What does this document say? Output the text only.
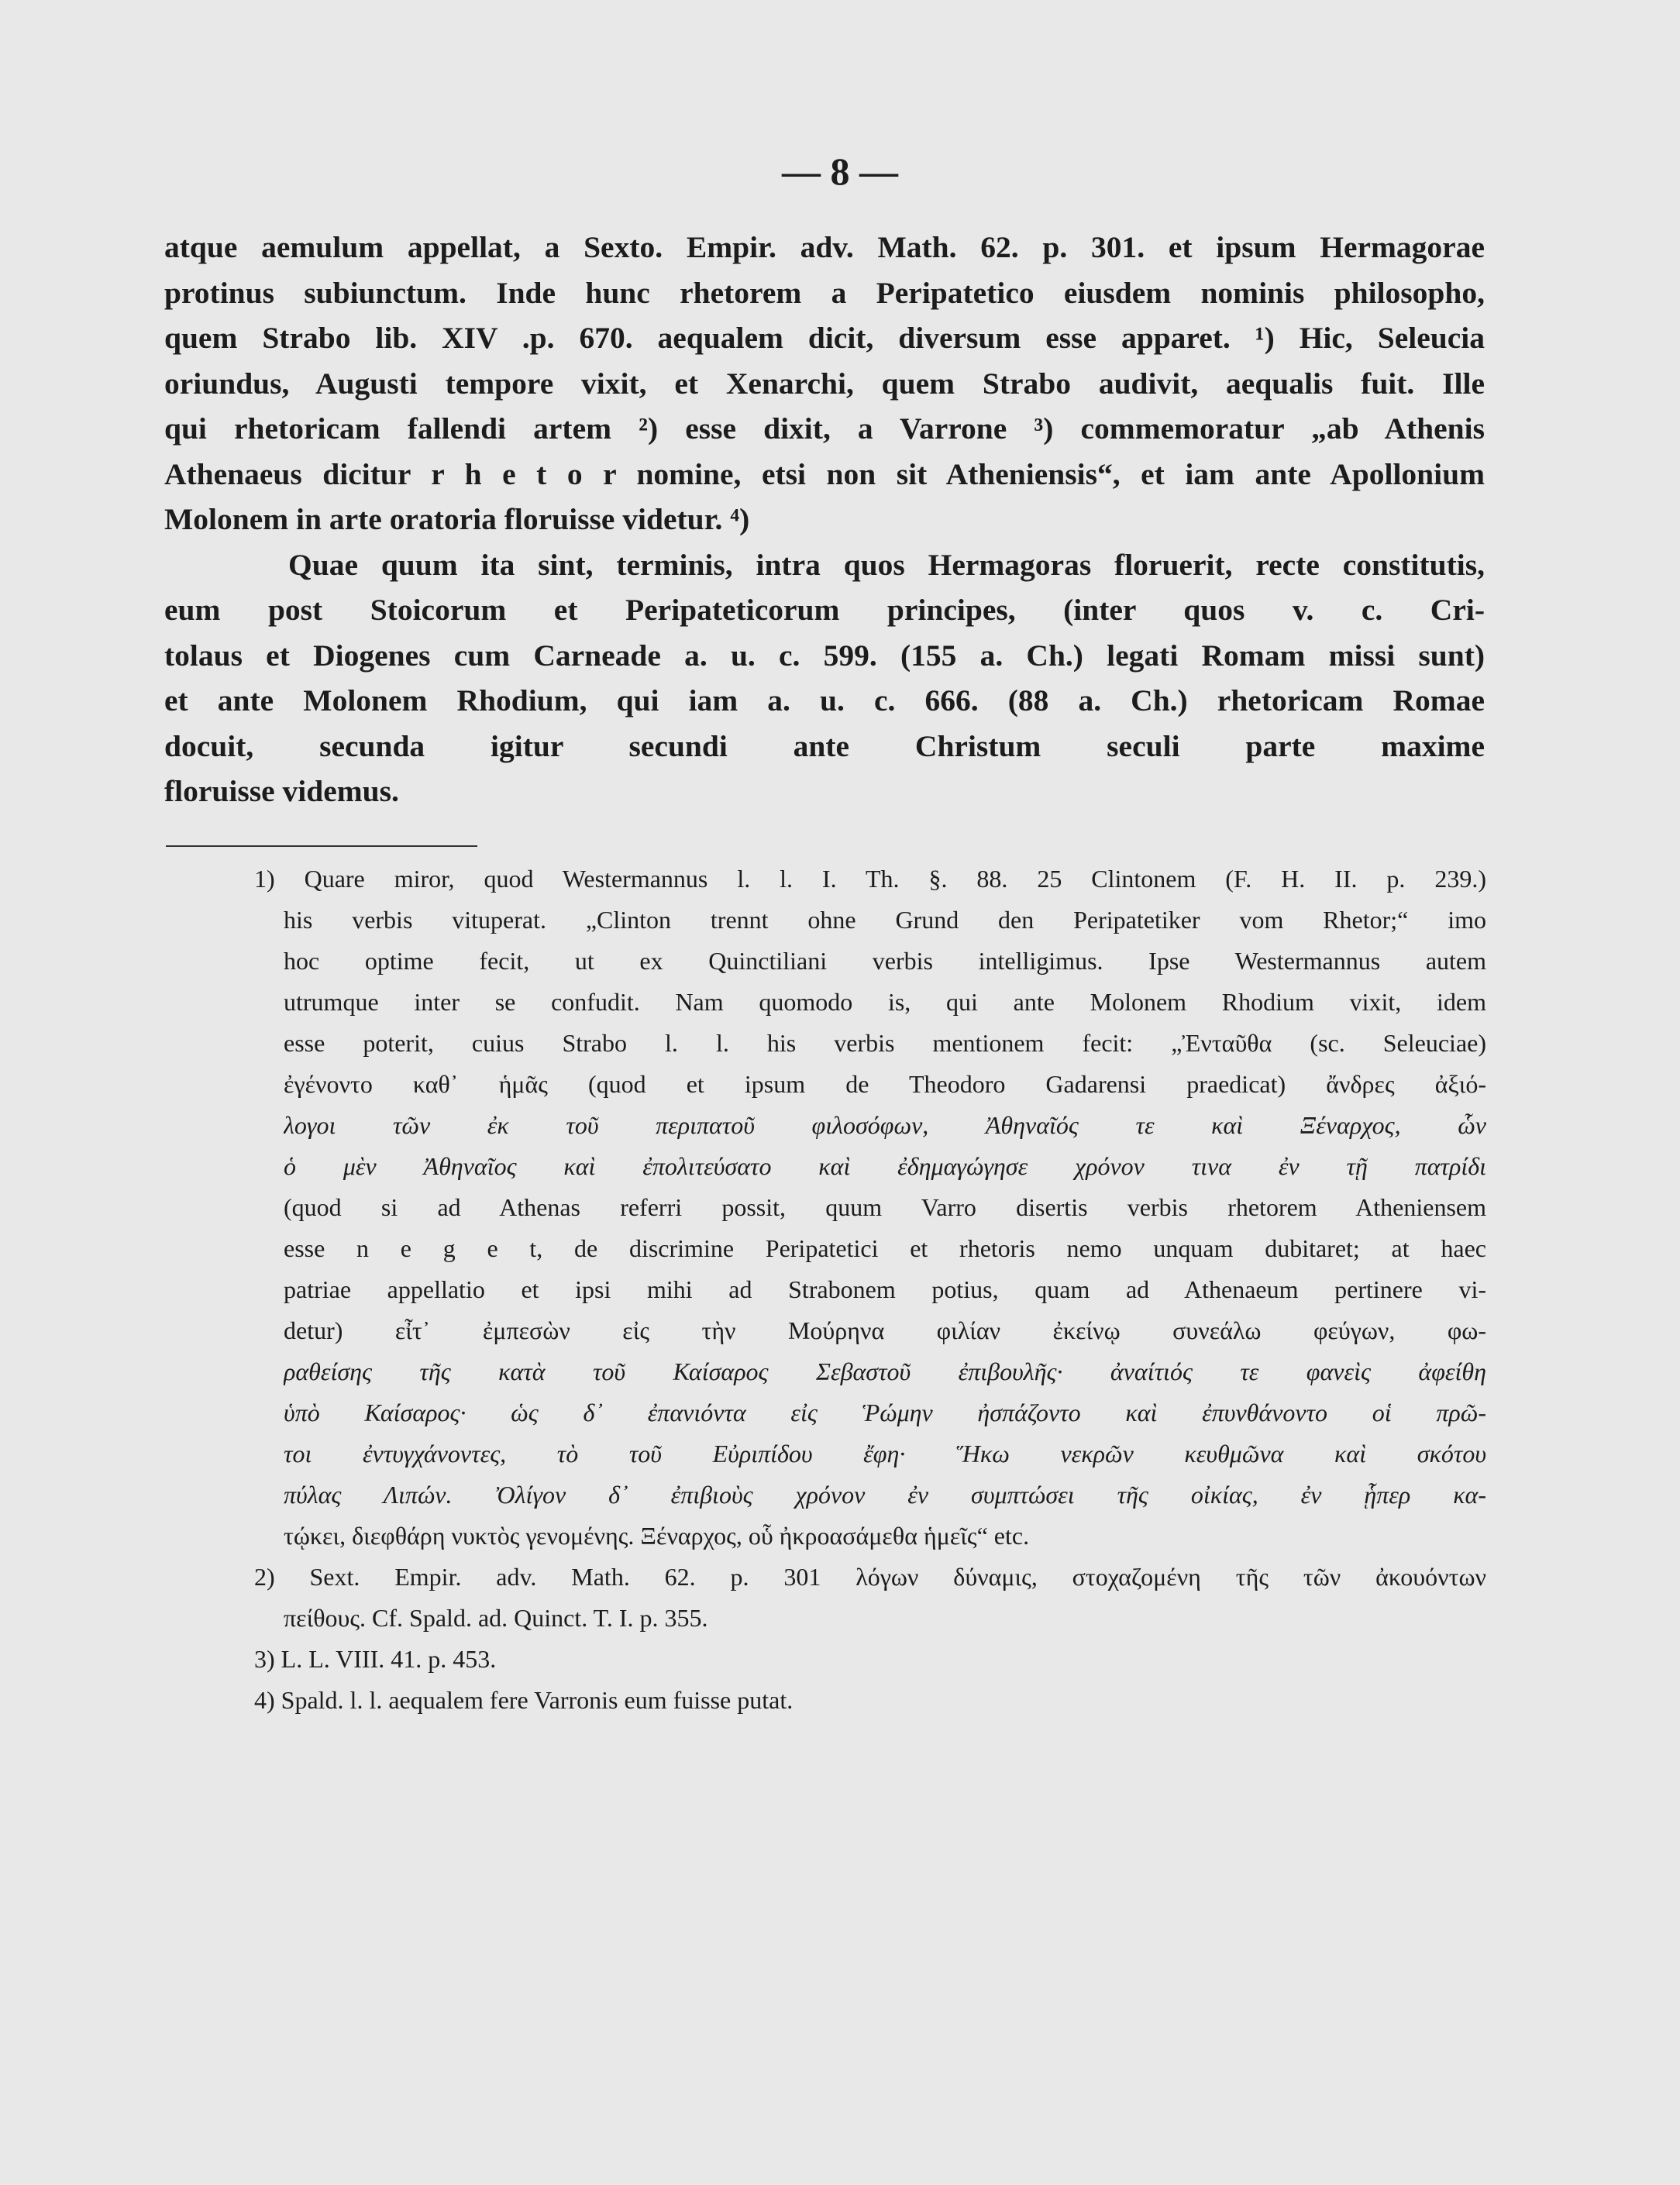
— 8 —
atque aemulum appellat, a Sexto. Empir. adv. Math. 62. p. 301. et ipsum Hermagorae
protinus subiunctum. Inde hunc rhetorem a Peripatetico eiusdem nominis philosopho,
quem Strabo lib. XIV .p. 670. aequalem dicit, diversum esse apparet. ¹) Hic, Seleucia
oriundus, Augusti tempore vixit, et Xenarchi, quem Strabo audivit, aequalis fuit. Ille
qui rhetoricam fallendi artem ²) esse dixit, a Varrone ³) commemoratur „ab Athenis
Athenaeus dicitur r h e t o r nomine, etsi non sit Atheniensis“, et iam ante Apollonium
Molonem in arte oratoria floruisse videtur. ⁴)
Quae quum ita sint, terminis, intra quos Hermagoras floruerit, recte constitutis,
eum post Stoicorum et Peripateticorum principes, (inter quos v. c. Cri-
tolaus et Diogenes cum Carneade a. u. c. 599. (155 a. Ch.) legati Romam missi sunt)
et ante Molonem Rhodium, qui iam a. u. c. 666. (88 a. Ch.) rhetoricam Romae
docuit, secunda igitur secundi ante Christum seculi parte maxime
floruisse videmus.
1) Quare miror, quod Westermannus l. l. I. Th. §. 88. 25 Clintonem (F. H. II. p. 239.)
his verbis vituperat. „Clinton trennt ohne Grund den Peripatetiker vom Rhetor;“ imo
hoc optime fecit, ut ex Quinctiliani verbis intelligimus. Ipse Westermannus autem
utrumque inter se confudit. Nam quomodo is, qui ante Molonem Rhodium vixit, idem
esse poterit, cuius Strabo l. l. his verbis mentionem fecit: „Ἐνταῦθα (sc. Seleuciae)
ἐγένοντο καθ᾽ ἡμᾶς (quod et ipsum de Theodoro Gadarensi praedicat) ἄνδρες ἀξιό-
λογοι τῶν ἐκ τοῦ περιπατοῦ φιλοσόφων, Ἀθηναῖός τε καὶ Ξέναρχος, ὧν
ὁ μὲν Ἀθηναῖος καὶ ἐπολιτεύσατο καὶ ἐδημαγώγησε χρόνον τινα ἐν τῇ πατρίδι
(quod si ad Athenas referri possit, quum Varro disertis verbis rhetorem Atheniensem
esse n e g e t, de discrimine Peripatetici et rhetoris nemo unquam dubitaret; at haec
patriae appellatio et ipsi mihi ad Strabonem potius, quam ad Athenaeum pertinere vi-
detur) εἶτ᾽ ἐμπεσὼν εἰς τὴν Μούρηνα φιλίαν ἐκείνῳ συνεάλω φεύγων, φω-
ραθείσης τῆς κατὰ τοῦ Καίσαρος Σεβαστοῦ ἐπιβουλῆς· ἀναίτιός τε φανεὶς ἀφείθη
ὑπὸ Καίσαρος· ὡς δ᾽ ἐπανιόντα εἰς Ῥώμην ἠσπάζοντο καὶ ἐπυνθάνοντο οἱ πρῶ-
τοι ἐντυγχάνοντες, τὸ τοῦ Εὐριπίδου ἔφη· Ἥκω νεκρῶν κευθμῶνα καὶ σκότου
πύλας Λιπών. Ὀλίγον δ᾽ ἐπιβιοὺς χρόνον ἐν συμπτώσει τῆς οἰκίας, ἐν ᾗπερ κα-
τῴκει, διεφθάρη νυκτὸς γενομένης. Ξέναρχος, οὗ ἠκροασάμεθα ἡμεῖς“ etc.
2) Sext. Empir. adv. Math. 62. p. 301 λόγων δύναμις, στοχαζομένη τῆς τῶν ἀκουόντων
πείθους. Cf. Spald. ad. Quinct. T. I. p. 355.
3) L. L. VIII. 41. p. 453.
4) Spald. l. l. aequalem fere Varronis eum fuisse putat.
